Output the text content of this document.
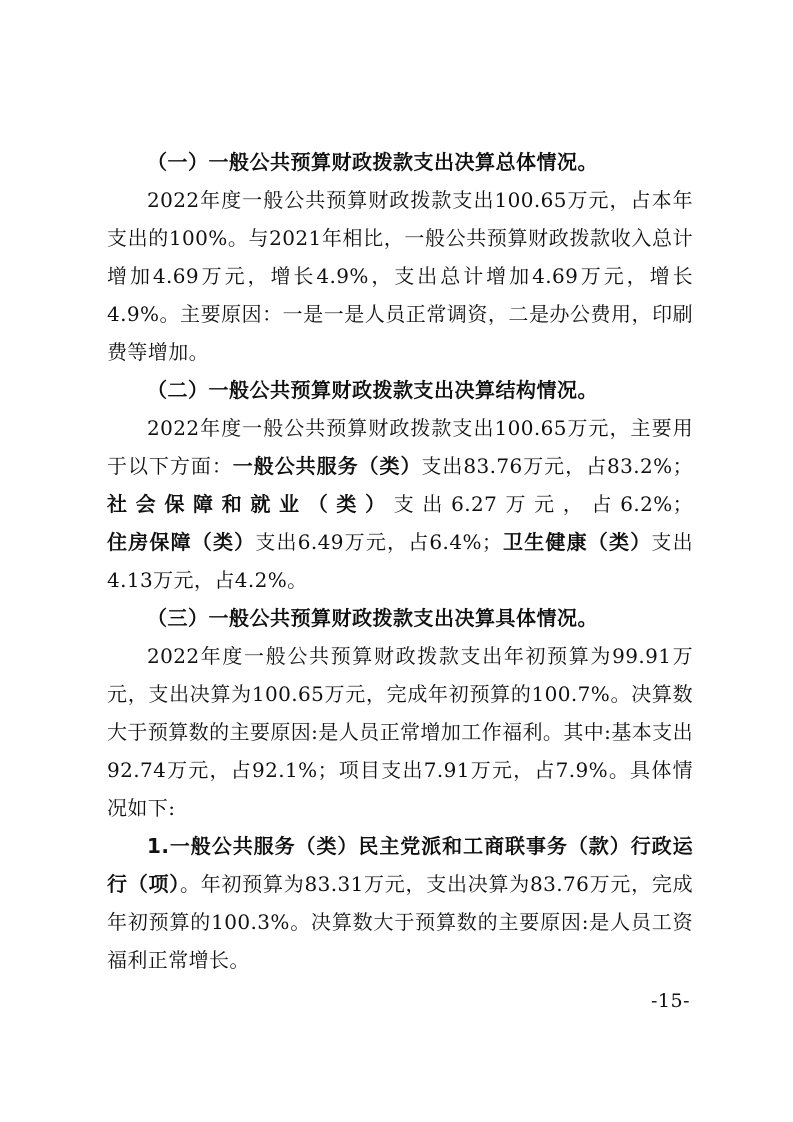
（一）一般公共预算财政拨款支出决算总体情况。

2022年度一般公共预算财政拨款支出100.65万元，占本年支出的100%。与2021年相比，一般公共预算财政拨款收入总计增加4.69万元，增长4.9%，支出总计增加4.69万元，增长4.9%。主要原因：一是一是人员正常调资，二是办公费用，印刷费等增加。

（二）一般公共预算财政拨款支出决算结构情况。

2022年度一般公共预算财政拨款支出100.65万元，主要用于以下方面：一般公共服务（类）支出83.76万元，占83.2%；社会保障和就业（类）支出6.27万元，占6.2%；住房保障（类）支出6.49万元，占6.4%；卫生健康（类）支出4.13万元，占4.2%。

（三）一般公共预算财政拨款支出决算具体情况。

2022年度一般公共预算财政拨款支出年初预算为99.91万元，支出决算为100.65万元，完成年初预算的100.7%。决算数大于预算数的主要原因:是人员正常增加工作福利。其中:基本支出92.74万元，占92.1%；项目支出7.91万元，占7.9%。具体情况如下:

1.一般公共服务（类）民主党派和工商联事务（款）行政运行（项）。年初预算为83.31万元，支出决算为83.76万元，完成年初预算的100.3%。决算数大于预算数的主要原因:是人员工资福利正常增长。

-15-
